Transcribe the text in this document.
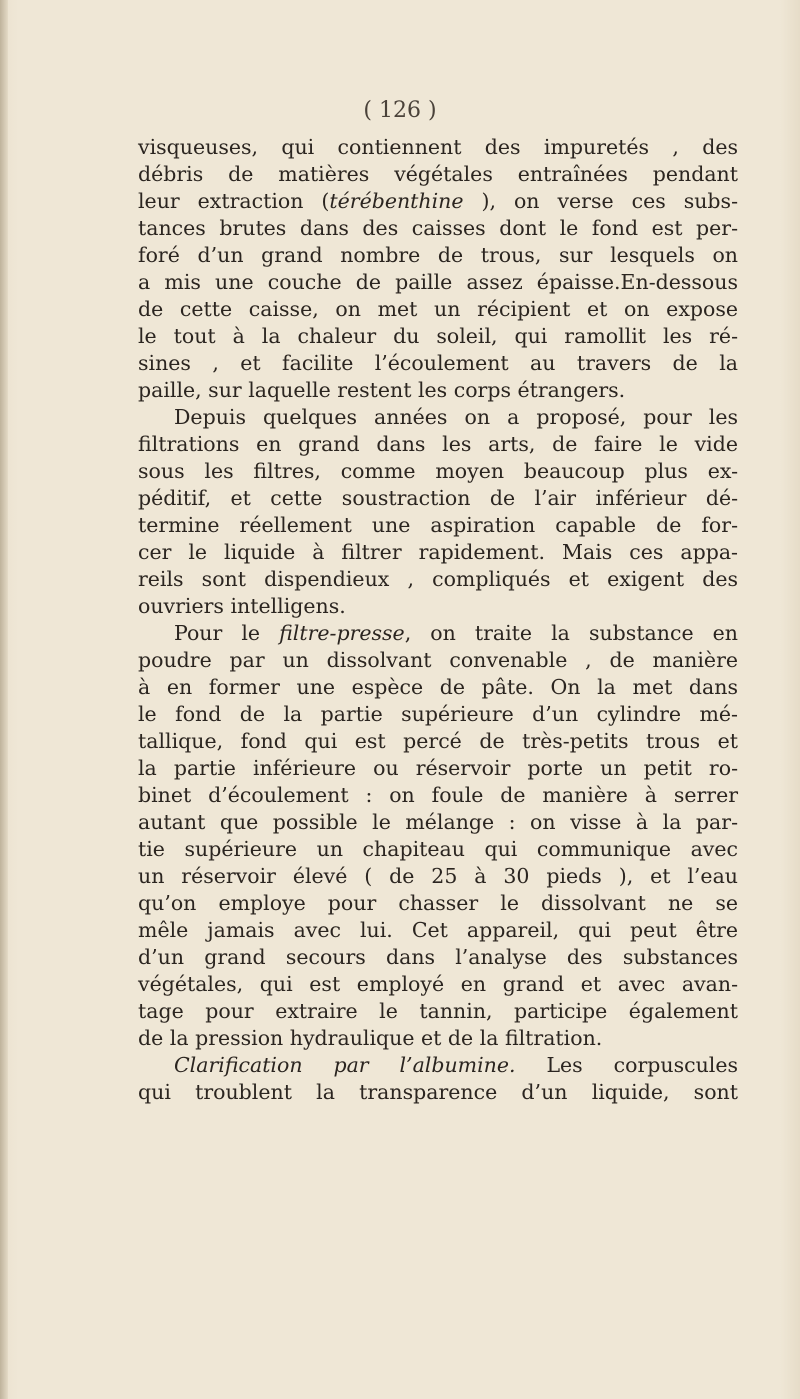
( 126 )
visqueuses, qui contiennent des impuretés , des
débris de matières végétales entraînées pendant
leur extraction (térébenthine ), on verse ces subs-
tances brutes dans des caisses dont le fond est per-
foré d’un grand nombre de trous, sur lesquels on
a mis une couche de paille assez épaisse.En-dessous
de cette caisse, on met un récipient et on expose
le tout à la chaleur du soleil, qui ramollit les ré-
sines , et facilite l’écoulement au travers de la
paille, sur laquelle restent les corps étrangers.
Depuis quelques années on a proposé, pour les
filtrations en grand dans les arts, de faire le vide
sous les filtres, comme moyen beaucoup plus ex-
péditif, et cette soustraction de l’air inférieur dé-
termine réellement une aspiration capable de for-
cer le liquide à filtrer rapidement. Mais ces appa-
reils sont dispendieux , compliqués et exigent des
ouvriers intelligens.
Pour le filtre-presse, on traite la substance en
poudre par un dissolvant convenable , de manière
à en former une espèce de pâte. On la met dans
le fond de la partie supérieure d’un cylindre mé-
tallique, fond qui est percé de très-petits trous et
la partie inférieure ou réservoir porte un petit ro-
binet d’écoulement : on foule de manière à serrer
autant que possible le mélange : on visse à la par-
tie supérieure un chapiteau qui communique avec
un réservoir élevé ( de 25 à 30 pieds ), et l’eau
qu’on employe pour chasser le dissolvant ne se
mêle jamais avec lui. Cet appareil, qui peut être
d’un grand secours dans l’analyse des substances
végétales, qui est employé en grand et avec avan-
tage pour extraire le tannin, participe également
de la pression hydraulique et de la filtration.
Clarification par l’albumine. Les corpuscules
qui troublent la transparence d’un liquide, sont
